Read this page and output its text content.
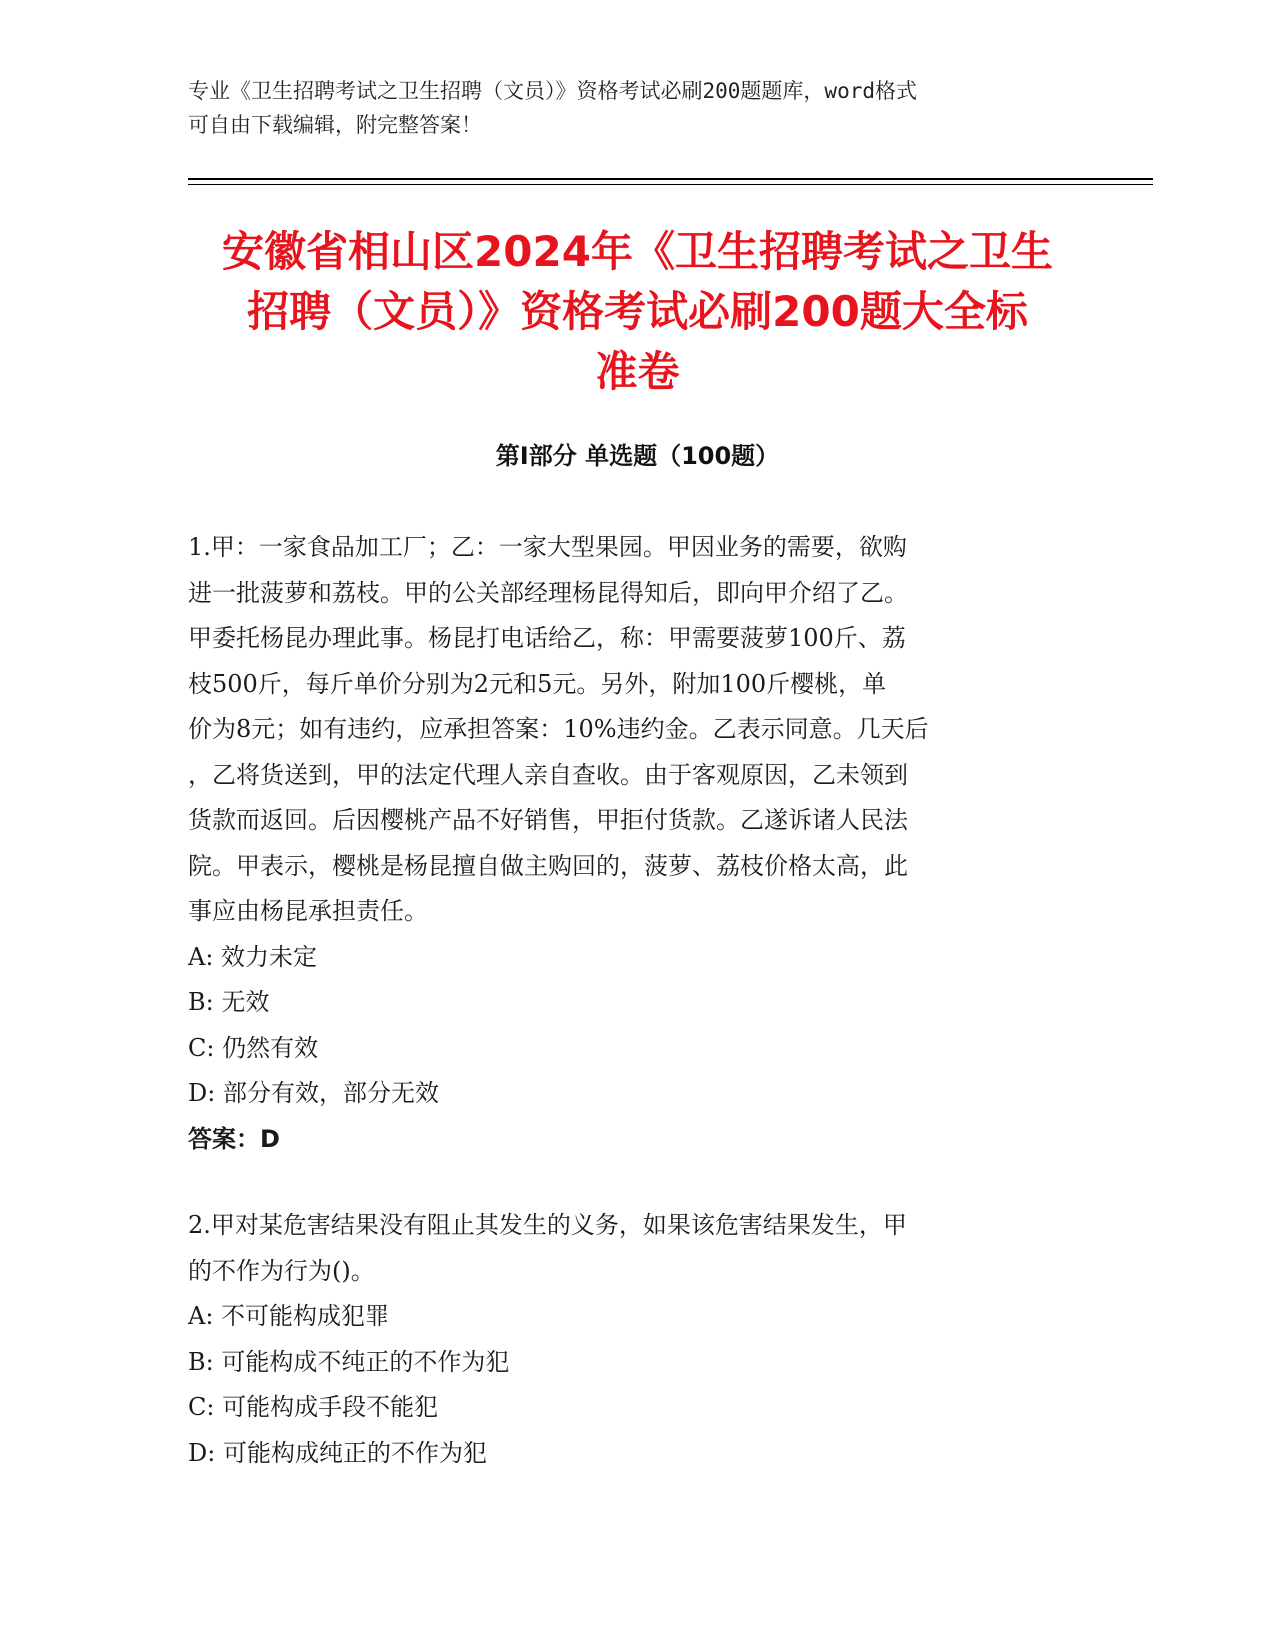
专业《卫生招聘考试之卫生招聘（文员）》资格考试必刷200题题库，word格式
可自由下载编辑，附完整答案！
安徽省相山区2024年《卫生招聘考试之卫生
招聘（文员）》资格考试必刷200题大全标
准卷
第I部分 单选题（100题）

1.甲：一家食品加工厂；乙：一家大型果园。甲因业务的需要，欲购
进一批菠萝和荔枝。甲的公关部经理杨昆得知后，即向甲介绍了乙。
甲委托杨昆办理此事。杨昆打电话给乙，称：甲需要菠萝100斤、荔
枝500斤，每斤单价分别为2元和5元。另外，附加100斤樱桃，单
价为8元；如有违约，应承担答案：10%违约金。乙表示同意。几天后
，乙将货送到，甲的法定代理人亲自查收。由于客观原因，乙未领到
货款而返回。后因樱桃产品不好销售，甲拒付货款。乙遂诉诸人民法
院。甲表示，樱桃是杨昆擅自做主购回的，菠萝、荔枝价格太高，此
事应由杨昆承担责任。

A: 效力未定

B: 无效

C: 仍然有效

D: 部分有效，部分无效

答案：D

2.甲对某危害结果没有阻止其发生的义务，如果该危害结果发生，甲
的不作为行为()。

A: 不可能构成犯罪

B: 可能构成不纯正的不作为犯

C: 可能构成手段不能犯

D: 可能构成纯正的不作为犯
